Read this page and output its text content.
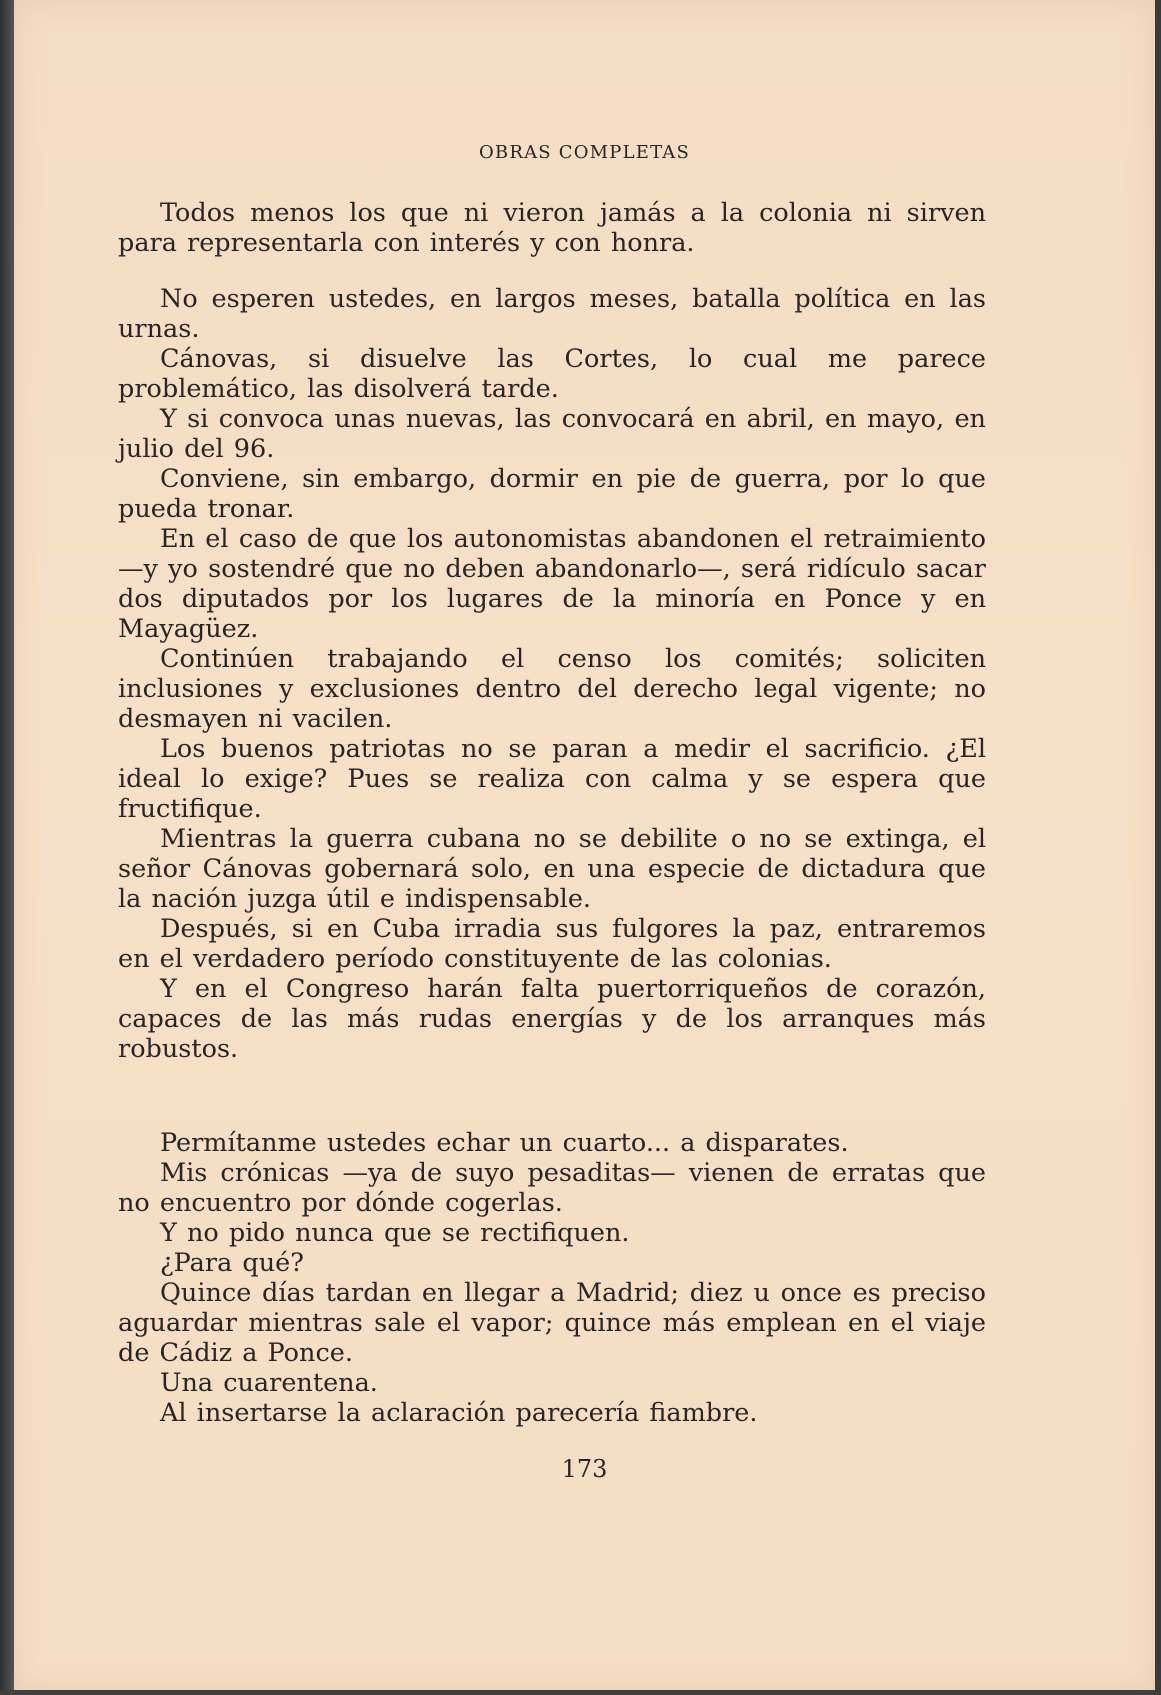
OBRAS COMPLETAS

Todos menos los que ni vieron jamás a la colonia ni sirven para representarla con interés y con honra.

No esperen ustedes, en largos meses, batalla política en las urnas.

Cánovas, si disuelve las Cortes, lo cual me parece problemático, las disolverá tarde.

Y si convoca unas nuevas, las convocará en abril, en mayo, en julio del 96.

Conviene, sin embargo, dormir en pie de guerra, por lo que pueda tronar.

En el caso de que los autonomistas abandonen el retraimiento —y yo sostendré que no deben abandonarlo—, será ridículo sacar dos diputados por los lugares de la minoría en Ponce y en Mayagüez.

Continúen trabajando el censo los comités; soliciten inclusiones y exclusiones dentro del derecho legal vigente; no desmayen ni vacilen.

Los buenos patriotas no se paran a medir el sacrificio. ¿El ideal lo exige? Pues se realiza con calma y se espera que fructifique.

Mientras la guerra cubana no se debilite o no se extinga, el señor Cánovas gobernará solo, en una especie de dictadura que la nación juzga útil e indispensable.

Después, si en Cuba irradia sus fulgores la paz, entraremos en el verdadero período constituyente de las colonias.

Y en el Congreso harán falta puertorriqueños de corazón, capaces de las más rudas energías y de los arranques más robustos.

Permítanme ustedes echar un cuarto... a disparates.

Mis crónicas —ya de suyo pesaditas— vienen de erratas que no encuentro por dónde cogerlas.

Y no pido nunca que se rectifiquen.

¿Para qué?

Quince días tardan en llegar a Madrid; diez u once es preciso aguardar mientras sale el vapor; quince más emplean en el viaje de Cádiz a Ponce.

Una cuarentena.

Al insertarse la aclaración parecería fiambre.

173
